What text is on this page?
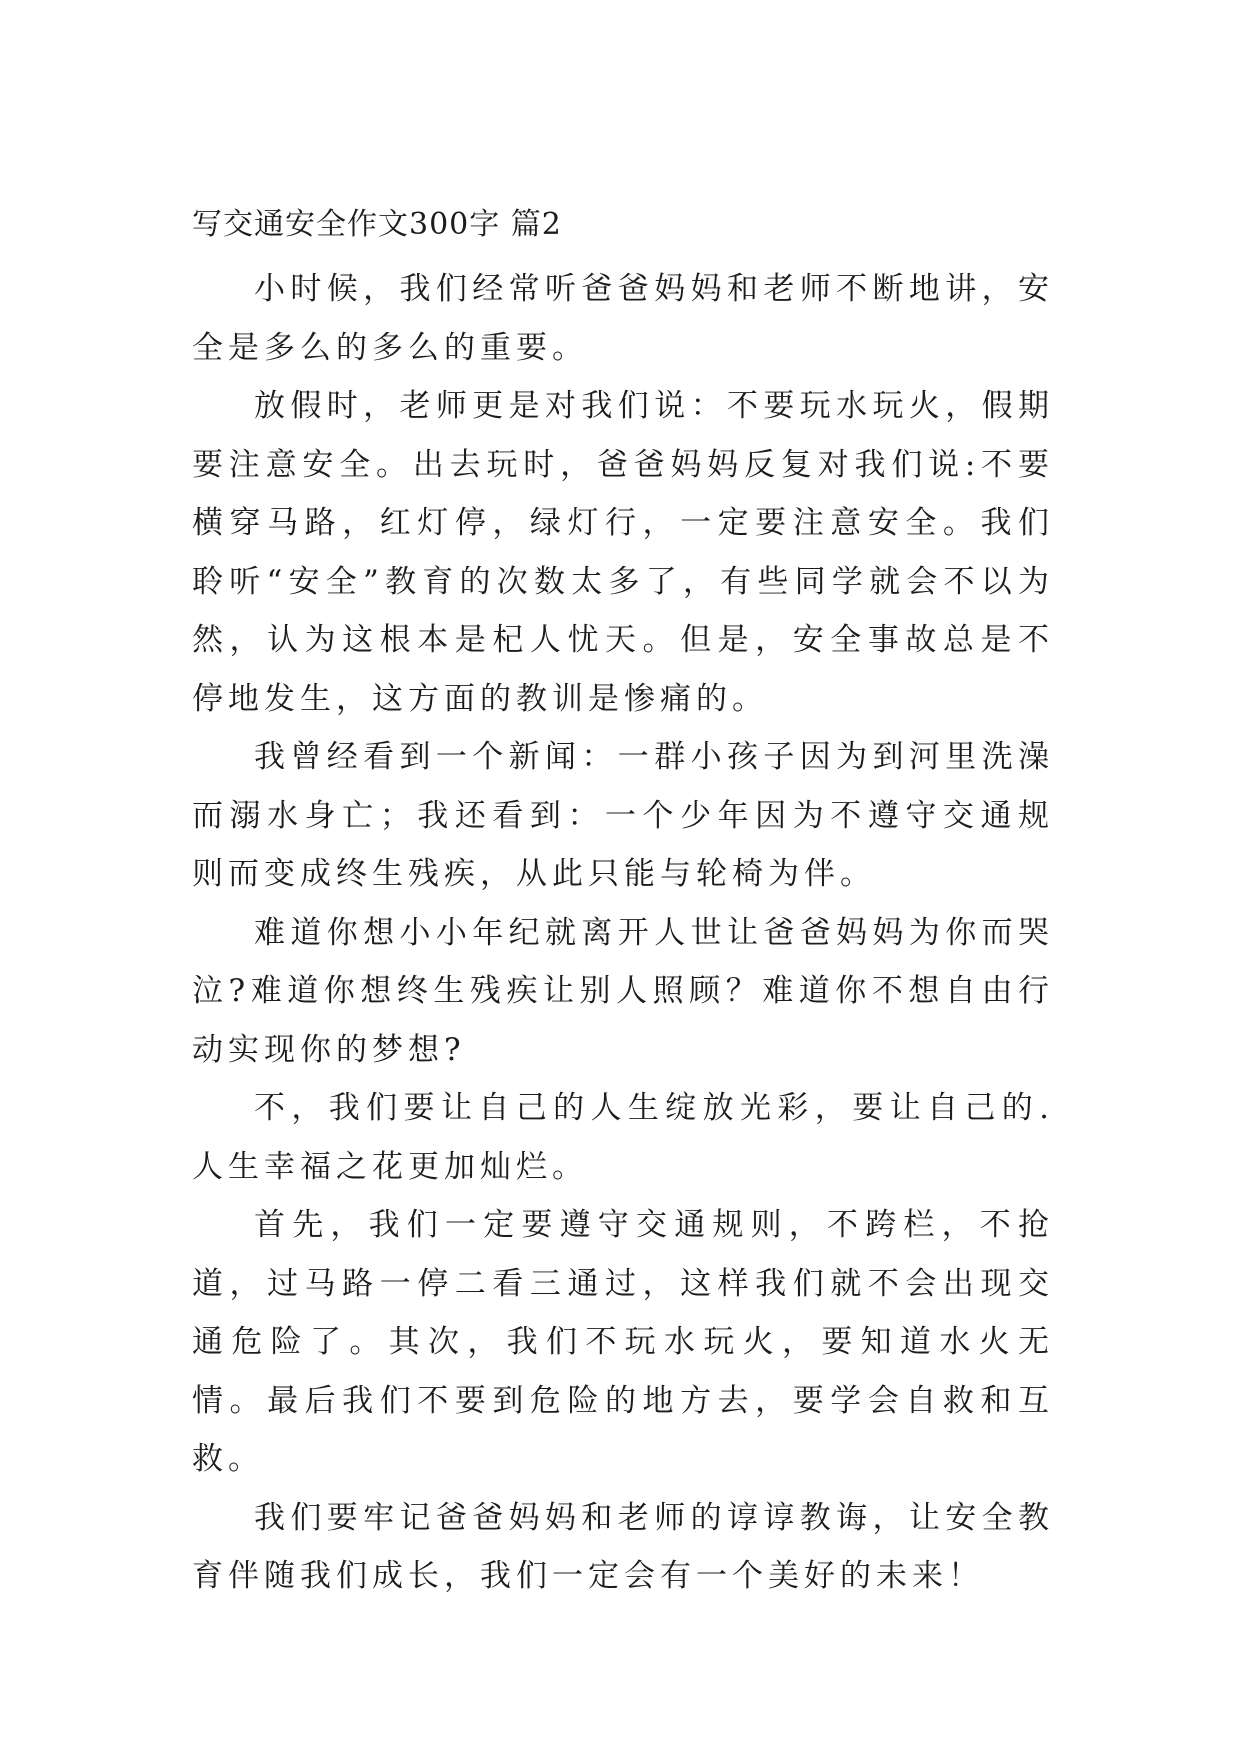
写交通安全作文300字 篇2

小时候，我们经常听爸爸妈妈和老师不断地讲，安全是多么的多么的重要。

放假时，老师更是对我们说：不要玩水玩火，假期要注意安全。出去玩时，爸爸妈妈反复对我们说:不要横穿马路，红灯停，绿灯行，一定要注意安全。我们聆听“安全”教育的次数太多了，有些同学就会不以为然，认为这根本是杞人忧天。但是，安全事故总是不停地发生，这方面的教训是惨痛的。

我曾经看到一个新闻：一群小孩子因为到河里洗澡而溺水身亡；我还看到：一个少年因为不遵守交通规则而变成终生残疾，从此只能与轮椅为伴。

难道你想小小年纪就离开人世让爸爸妈妈为你而哭泣?难道你想终生残疾让别人照顾？难道你不想自由行动实现你的梦想?

不，我们要让自己的人生绽放光彩，要让自己的.人生幸福之花更加灿烂。

首先，我们一定要遵守交通规则，不跨栏，不抢道，过马路一停二看三通过，这样我们就不会出现交通危险了。其次，我们不玩水玩火，要知道水火无情。最后我们不要到危险的地方去，要学会自救和互救。

我们要牢记爸爸妈妈和老师的谆谆教诲，让安全教育伴随我们成长，我们一定会有一个美好的未来！
